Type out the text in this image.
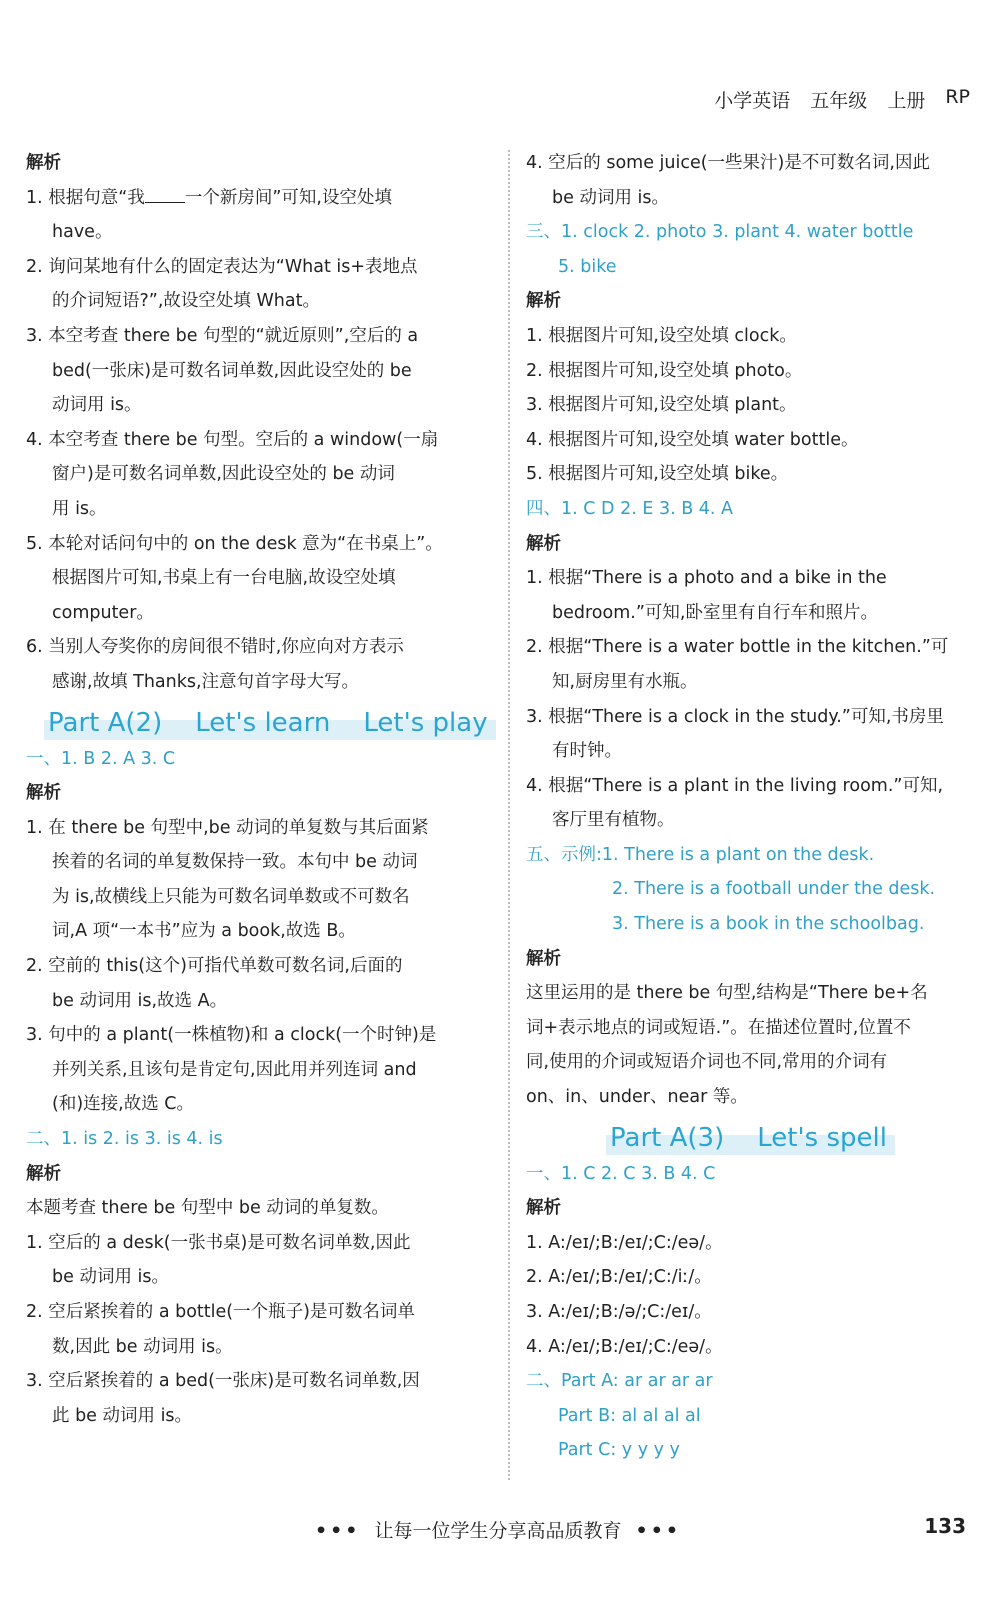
小学英语 五年级 上册 RP
解析
1. 根据句意“我 一个新房间”可知,设空处填
have。
2. 询问某地有什么的固定表达为“What is+表地点
的介词短语?”,故设空处填 What。
3. 本空考查 there be 句型的“就近原则”,空后的 a
bed(一张床)是可数名词单数,因此设空处的 be
动词用 is。
4. 本空考查 there be 句型。空后的 a window(一扇
窗户)是可数名词单数,因此设空处的 be 动词
用 is。
5. 本轮对话问句中的 on the desk 意为“在书桌上”。
根据图片可知,书桌上有一台电脑,故设空处填
computer。
6. 当别人夸奖你的房间很不错时,你应向对方表示
感谢,故填 Thanks,注意句首字母大写。
Part A(2)    Let's learn    Let's play
一、1. B 2. A 3. C
解析
1. 在 there be 句型中,be 动词的单复数与其后面紧
挨着的名词的单复数保持一致。本句中 be 动词
为 is,故横线上只能为可数名词单数或不可数名
词,A 项“一本书”应为 a book,故选 B。
2. 空前的 this(这个)可指代单数可数名词,后面的
be 动词用 is,故选 A。
3. 句中的 a plant(一株植物)和 a clock(一个时钟)是
并列关系,且该句是肯定句,因此用并列连词 and
(和)连接,故选 C。
二、1. is 2. is 3. is 4. is
解析
本题考查 there be 句型中 be 动词的单复数。
1. 空后的 a desk(一张书桌)是可数名词单数,因此
be 动词用 is。
2. 空后紧挨着的 a bottle(一个瓶子)是可数名词单
数,因此 be 动词用 is。
3. 空后紧挨着的 a bed(一张床)是可数名词单数,因
此 be 动词用 is。
4. 空后的 some juice(一些果汁)是不可数名词,因此
be 动词用 is。
三、1. clock 2. photo 3. plant 4. water bottle
5. bike
解析
1. 根据图片可知,设空处填 clock。
2. 根据图片可知,设空处填 photo。
3. 根据图片可知,设空处填 plant。
4. 根据图片可知,设空处填 water bottle。
5. 根据图片可知,设空处填 bike。
四、1. C D 2. E 3. B 4. A
解析
1. 根据“There is a photo and a bike in the
bedroom.”可知,卧室里有自行车和照片。
2. 根据“There is a water bottle in the kitchen.”可
知,厨房里有水瓶。
3. 根据“There is a clock in the study.”可知,书房里
有时钟。
4. 根据“There is a plant in the living room.”可知,
客厅里有植物。
五、示例:1. There is a plant on the desk.
2. There is a football under the desk.
3. There is a book in the schoolbag.
解析
这里运用的是 there be 句型,结构是“There be+名
词+表示地点的词或短语.”。在描述位置时,位置不
同,使用的介词或短语介词也不同,常用的介词有
on、in、under、near 等。
Part A(3)    Let's spell
一、1. C 2. C 3. B 4. C
解析
1. A:/eɪ/;B:/eɪ/;C:/eə/。
2. A:/eɪ/;B:/eɪ/;C:/iː/。
3. A:/eɪ/;B:/ə/;C:/eɪ/。
4. A:/eɪ/;B:/eɪ/;C:/eə/。
二、Part A: ar ar ar ar
Part B: al al al al
Part C: y y y y
••• 让每一位学生分享高品质教育 •••	133
